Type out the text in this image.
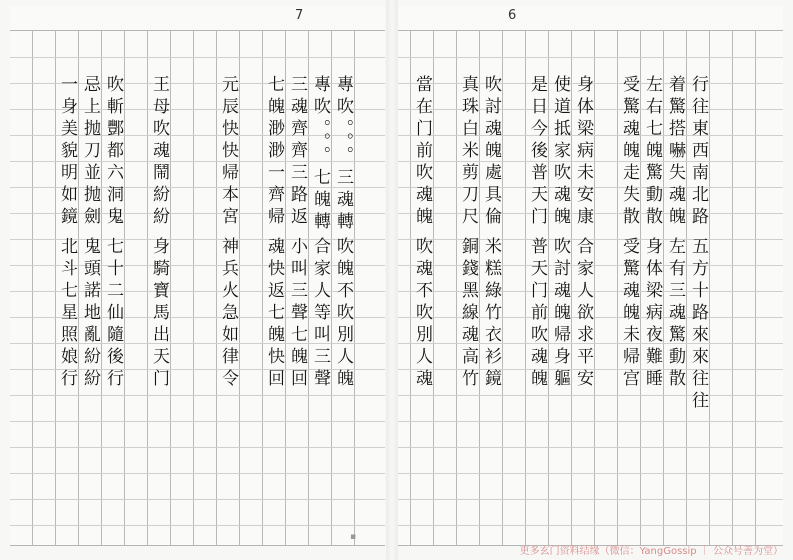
7
專吹。。。三魂轉
專吹。。。七魄轉
三魂齊齊三路返
七魄渺渺一齊帰
元辰快快帰本宮
王母吹魂鬧紛紛
吹斬酆都六洞鬼
忌上抛刀並抛劍
一身美貌明如鏡
吹魄不吹別人魄
合家人等叫三聲
小叫三聲七魄回
魂快返七魄快回
神兵火急如律令
身騎寶馬出天门
七十二仙隨後行
鬼頭諾地亂紛紛
北斗七星照娘行
6
行往東西南北路
着驚搭嚇失魂魄
左右七魄驚動散
受驚魂魄走失散
身体梁病未安康
使道抵家吹魂魄
是日今後普天门
吹討魂魄處具倫
真珠白米剪刀尺
當在门前吹魂魄
五方十路來來往往
左有三魂驚動散
身体梁病夜難睡
受驚魂魄未帰宫
合家人欲求平安
吹討魂魄帰身軀
普天门前吹魂魄
米糕綠竹衣衫鏡
銅錢黑線魂高竹
吹魂不吹別人魂
▪
更多玄门资料结缘（微信：YangGossip ｜ 公众号善为堂）
